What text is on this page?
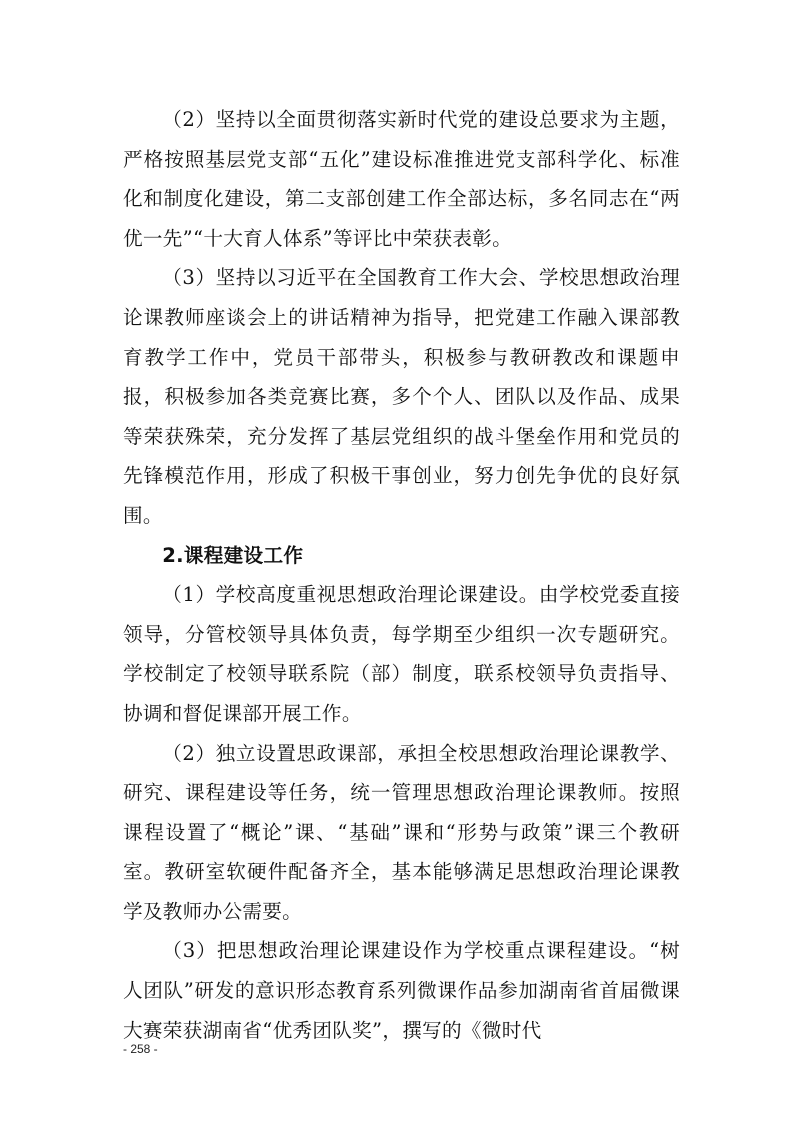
（2）坚持以全面贯彻落实新时代党的建设总要求为主题，严格按照基层党支部“五化”建设标准推进党支部科学化、标准化和制度化建设，第二支部创建工作全部达标，多名同志在“两优一先”“十大育人体系”等评比中荣获表彰。

（3）坚持以习近平在全国教育工作大会、学校思想政治理论课教师座谈会上的讲话精神为指导，把党建工作融入课部教育教学工作中，党员干部带头，积极参与教研教改和课题申报，积极参加各类竞赛比赛，多个个人、团队以及作品、成果等荣获殊荣，充分发挥了基层党组织的战斗堡垒作用和党员的先锋模范作用，形成了积极干事创业，努力创先争优的良好氛围。

2.课程建设工作

（1）学校高度重视思想政治理论课建设。由学校党委直接领导，分管校领导具体负责，每学期至少组织一次专题研究。学校制定了校领导联系院（部）制度，联系校领导负责指导、协调和督促课部开展工作。

（2）独立设置思政课部，承担全校思想政治理论课教学、研究、课程建设等任务，统一管理思想政治理论课教师。按照课程设置了“概论”课、“基础”课和“形势与政策”课三个教研室。教研室软硬件配备齐全，基本能够满足思想政治理论课教学及教师办公需要。

（3）把思想政治理论课建设作为学校重点课程建设。“树人团队”研发的意识形态教育系列微课作品参加湖南省首届微课大赛荣获湖南省“优秀团队奖”，撰写的《微时代

- 258 -
